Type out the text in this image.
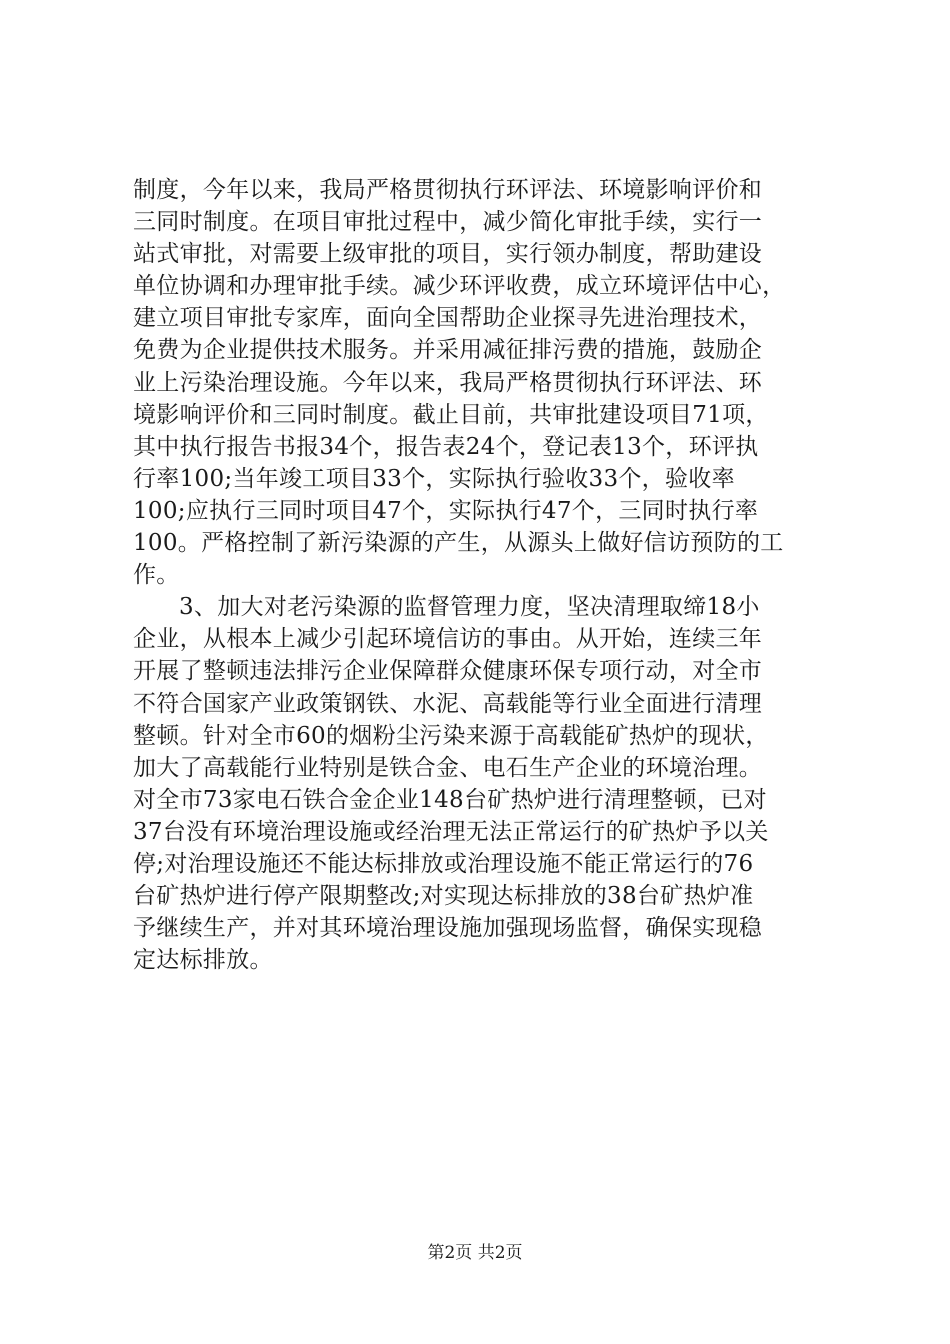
制度，今年以来，我局严格贯彻执行环评法、环境影响评价和
三同时制度。在项目审批过程中，减少简化审批手续，实行一
站式审批，对需要上级审批的项目，实行领办制度，帮助建设
单位协调和办理审批手续。减少环评收费，成立环境评估中心，
建立项目审批专家库，面向全国帮助企业探寻先进治理技术，
免费为企业提供技术服务。并采用减征排污费的措施，鼓励企
业上污染治理设施。今年以来，我局严格贯彻执行环评法、环
境影响评价和三同时制度。截止目前，共审批建设项目71项，
其中执行报告书报34个，报告表24个，登记表13个，环评执
行率100;当年竣工项目33个，实际执行验收33个，验收率
100;应执行三同时项目47个，实际执行47个，三同时执行率
100。严格控制了新污染源的产生，从源头上做好信访预防的工
作。
3、加大对老污染源的监督管理力度，坚决清理取缔18小
企业，从根本上减少引起环境信访的事由。从开始，连续三年
开展了整顿违法排污企业保障群众健康环保专项行动，对全市
不符合国家产业政策钢铁、水泥、高载能等行业全面进行清理
整顿。针对全市60的烟粉尘污染来源于高载能矿热炉的现状，
加大了高载能行业特别是铁合金、电石生产企业的环境治理。
对全市73家电石铁合金企业148台矿热炉进行清理整顿，已对
37台没有环境治理设施或经治理无法正常运行的矿热炉予以关
停;对治理设施还不能达标排放或治理设施不能正常运行的76
台矿热炉进行停产限期整改;对实现达标排放的38台矿热炉准
予继续生产，并对其环境治理设施加强现场监督，确保实现稳
定达标排放。
第2页 共2页
